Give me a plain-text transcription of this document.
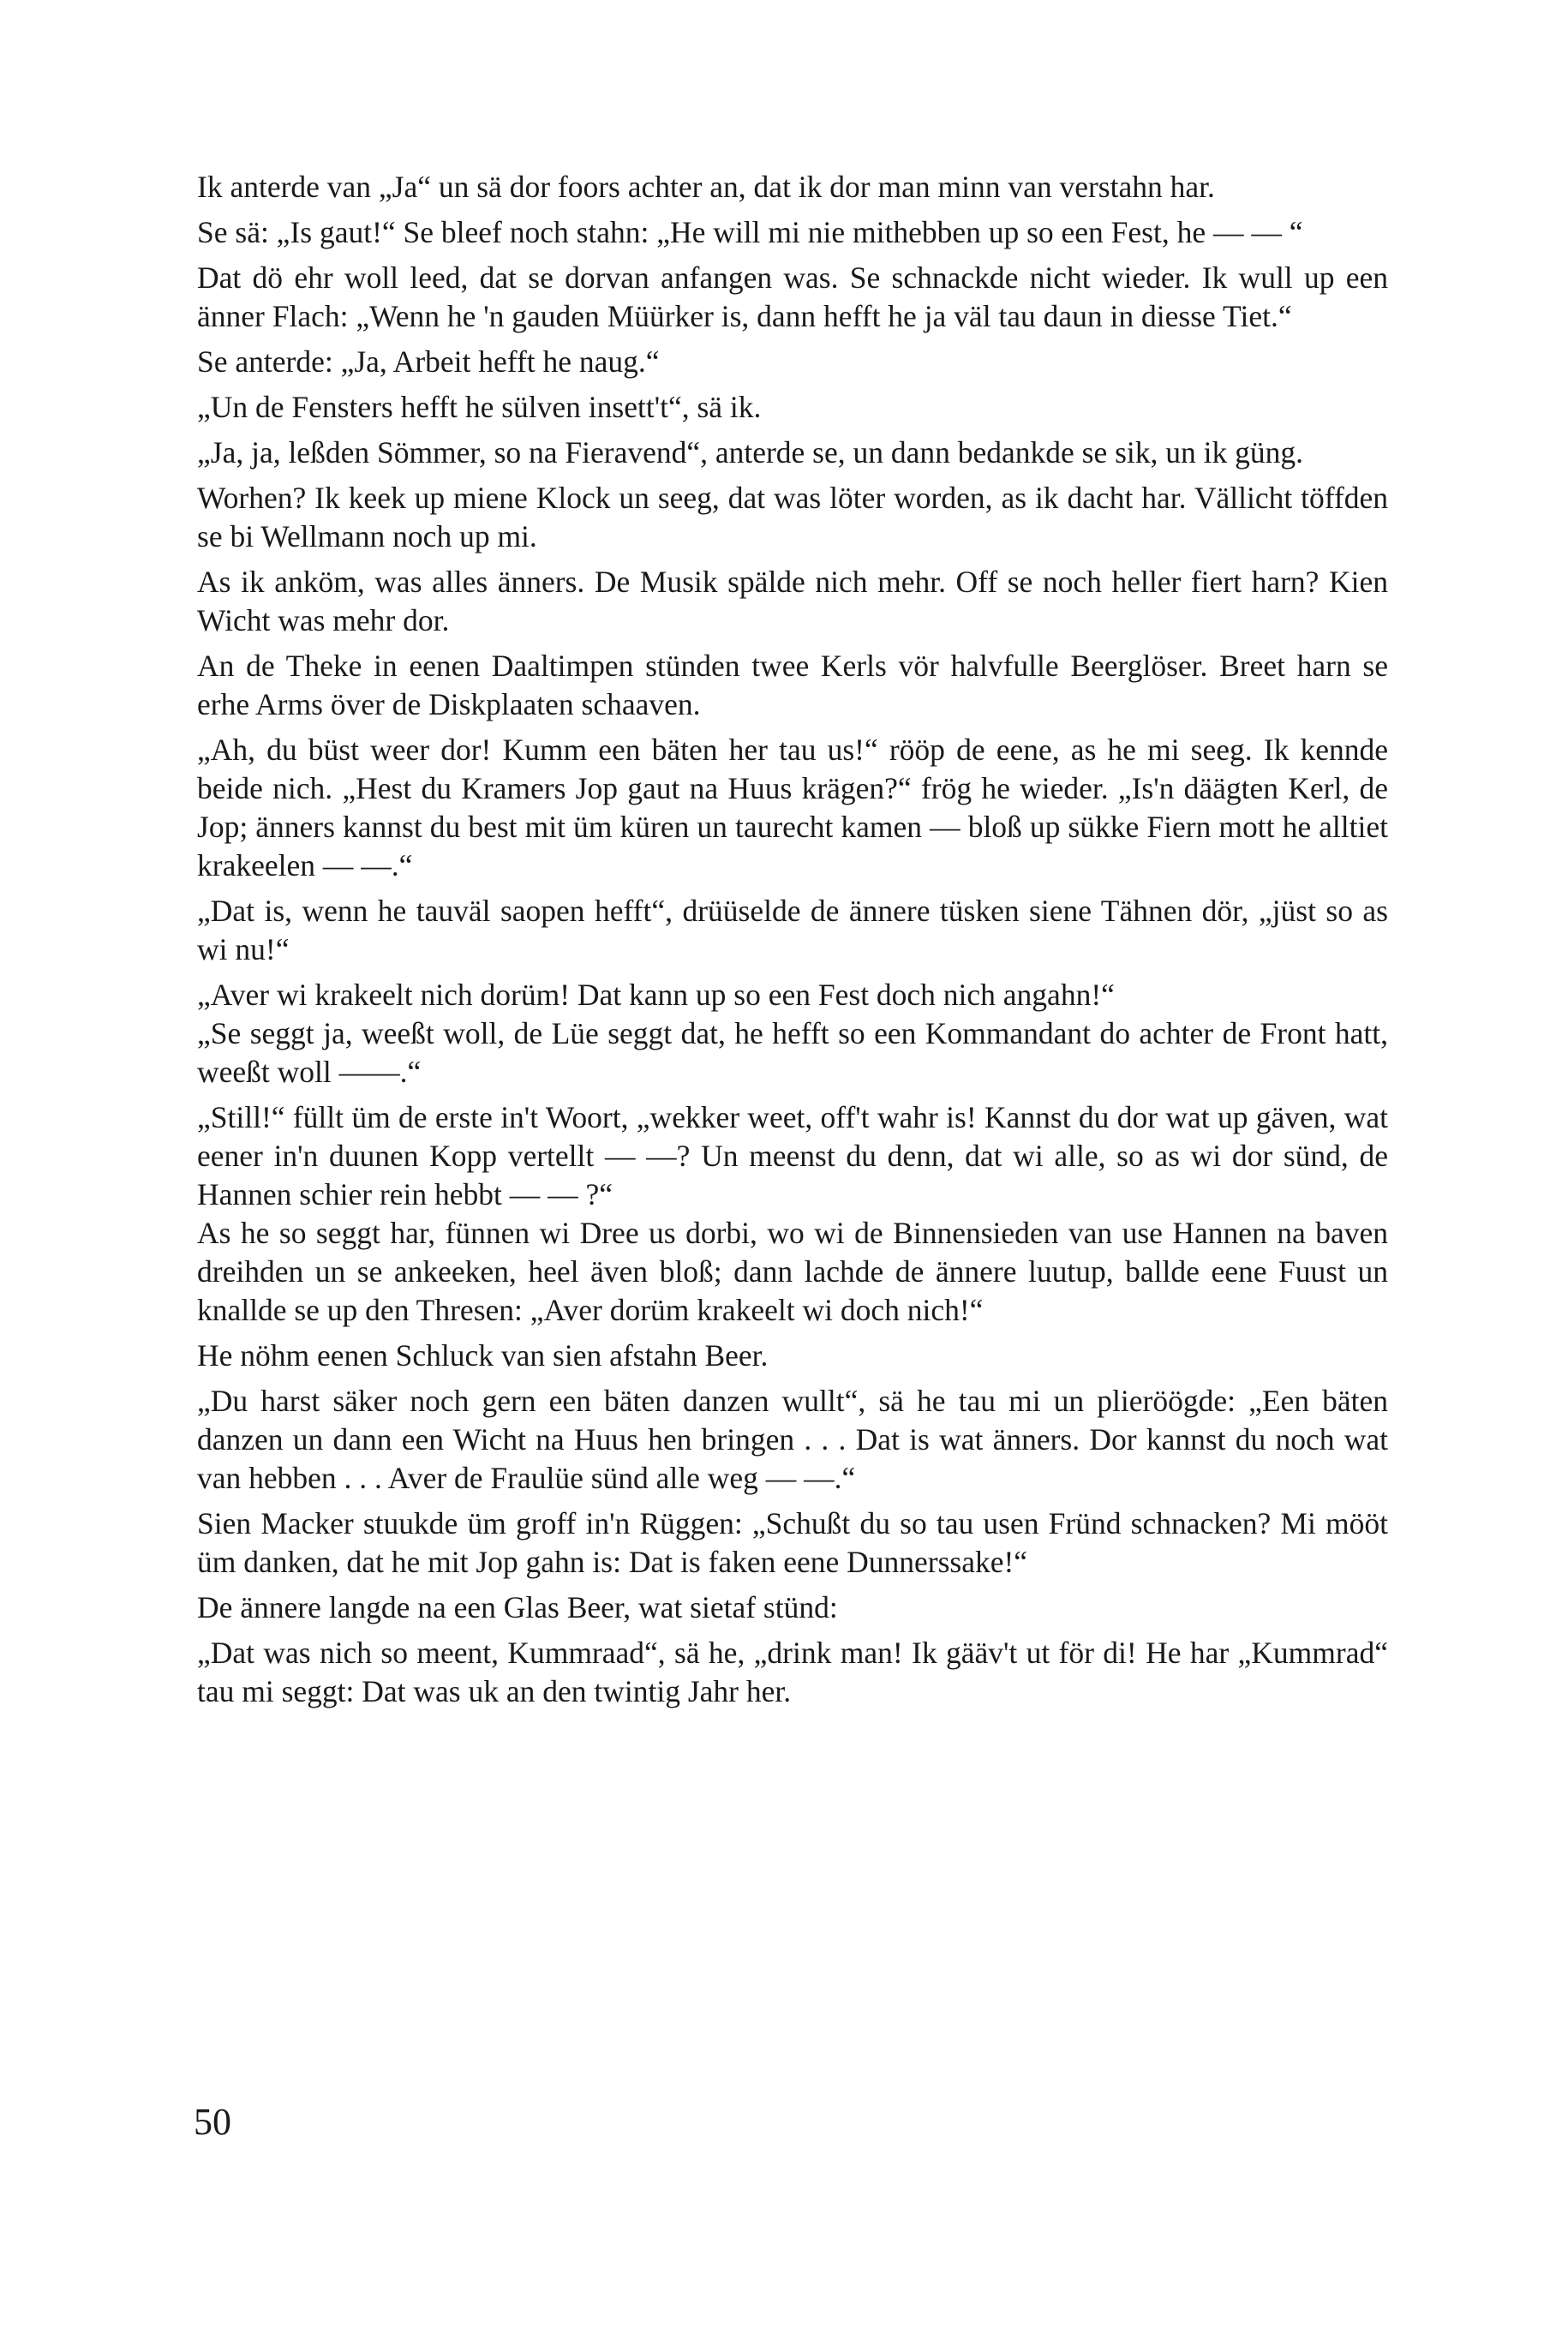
Ik anterde van „Ja“ un sä dor foors achter an, dat ik dor man minn van verstahn har.

Se sä: „Is gaut!“ Se bleef noch stahn: „He will mi nie mithebben up so een Fest, he — — “

Dat dö ehr woll leed, dat se dorvan anfangen was. Se schnackde nicht wieder. Ik wull up een änner Flach: „Wenn he 'n gauden Müürker is, dann hefft he ja väl tau daun in diesse Tiet.“

Se anterde: „Ja, Arbeit hefft he naug.“

„Un de Fensters hefft he sülven insett't“, sä ik.

„Ja, ja, leßden Sömmer, so na Fieravend“, anterde se, un dann bedankde se sik, un ik güng.

Worhen? Ik keek up miene Klock un seeg, dat was löter worden, as ik dacht har. Vällicht töffden se bi Wellmann noch up mi.

As ik anköm, was alles änners. De Musik spälde nich mehr. Off se noch heller fiert harn? Kien Wicht was mehr dor.

An de Theke in eenen Daaltimpen stünden twee Kerls vör halvfulle Beerglöser. Breet harn se erhe Arms över de Diskplaaten schaaven.

„Ah, du büst weer dor! Kumm een bäten her tau us!“ rööp de eene, as he mi seeg. Ik kennde beide nich. „Hest du Kramers Jop gaut na Huus krägen?“ frög he wieder. „Is'n däägten Kerl, de Jop; änners kannst du best mit üm küren un taurecht kamen — bloß up sükke Fiern mott he alltiet krakeelen — —.“

„Dat is, wenn he tauväl saopen hefft“, drüüselde de ännere tüsken siene Tähnen dör, „jüst so as wi nu!“

„Aver wi krakeelt nich dorüm! Dat kann up so een Fest doch nich angahn!“

„Se seggt ja, weeßt woll, de Lüe seggt dat, he hefft so een Kommandant do achter de Front hatt, weeßt woll ——.“

„Still!“ füllt üm de erste in't Woort, „wekker weet, off't wahr is! Kannst du dor wat up gäven, wat eener in'n duunen Kopp vertellt — —? Un meenst du denn, dat wi alle, so as wi dor sünd, de Hannen schier rein hebbt — — ?“

As he so seggt har, fünnen wi Dree us dorbi, wo wi de Binnensieden van use Hannen na baven dreihden un se ankeeken, heel även bloß; dann lachde de ännere luutup, ballde eene Fuust un knallde se up den Thresen: „Aver dorüm krakeelt wi doch nich!“

He nöhm eenen Schluck van sien afstahn Beer.

„Du harst säker noch gern een bäten danzen wullt“, sä he tau mi un plieröögde: „Een bäten danzen un dann een Wicht na Huus hen bringen . . . Dat is wat änners. Dor kannst du noch wat van hebben . . . Aver de Fraulüe sünd alle weg — —.“

Sien Macker stuukde üm groff in'n Rüggen: „Schußt du so tau usen Fründ schnacken? Mi mööt üm danken, dat he mit Jop gahn is: Dat is faken eene Dunnerssake!“

De ännere langde na een Glas Beer, wat sietaf stünd:

„Dat was nich so meent, Kummraad“, sä he, „drink man! Ik gääv't ut för di! He har „Kummrad“ tau mi seggt: Dat was uk an den twintig Jahr her.

50
